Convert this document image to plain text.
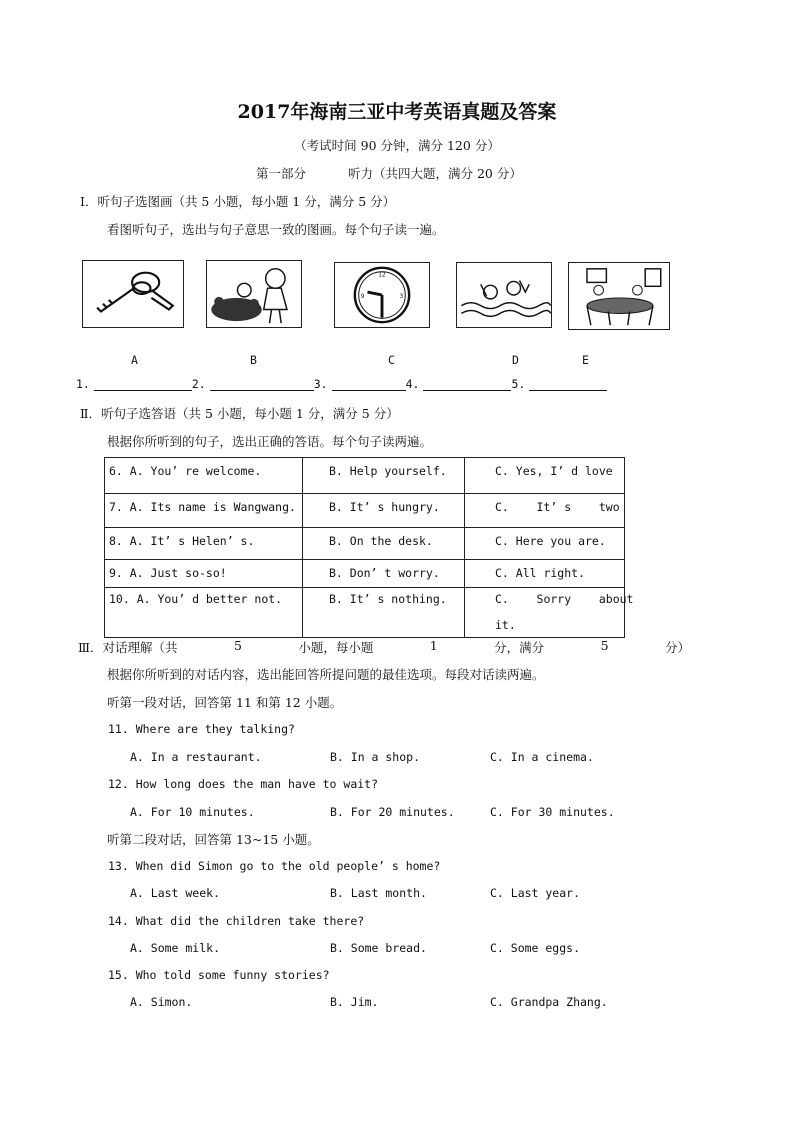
2017年海南三亚中考英语真题及答案
（考试时间 90 分钟，满分 120 分）
第一部分	听力（共四大题，满分 20 分）
Ⅰ．听句子选图画（共 5 小题，每小题 1 分，满分 5 分）
看图听句子，选出与句子意思一致的图画。每个句子读一遍。
12
3
6
9
A	B	C	D	E
1.	2.	3.	4.	5.
Ⅱ．听句子选答语（共 5 小题，每小题 1 分，满分 5 分）
根据你所听到的句子，选出正确的答语。每个句子读两遍。
6. A. You’ re welcome.	B. Help yourself.	C. Yes, I’ d love
7. A. Its name is Wangwang.	B. It’ s hungry.	C.    It’ s    two
8. A. It’ s Helen’ s.	B. On the desk.	C. Here you are.
9. A. Just so-so!	B. Don’ t worry.	C. All right.
10. A. You’ d better not.	B. It’ s nothing.	C.    Sorry    about
it.
Ⅲ．对话理解（共	5	小题，每小题	1	分，满分	5	分）
根据你所听到的对话内容，选出能回答所提问题的最佳选项。每段对话读两遍。
听第一段对话，回答第 11 和第 12 小题。
11. Where are they talking?
A. In a restaurant.	B. In a shop.	C. In a cinema.
12. How long does the man have to wait?
A. For 10 minutes.	B. For 20 minutes.	C. For 30 minutes.
听第二段对话，回答第 13~15 小题。
13. When did Simon go to the old people’ s home?
A. Last week.	B. Last month.	C. Last year.
14. What did the children take there?
A. Some milk.	B. Some bread.	C. Some eggs.
15. Who told some funny stories?
A. Simon.	B. Jim.	C. Grandpa Zhang.
